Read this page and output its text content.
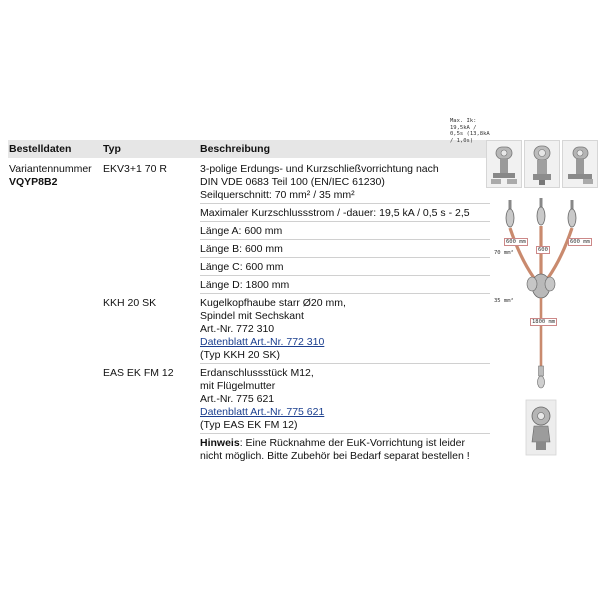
Bestelldaten	Typ	Beschreibung
Variantennummer
VQYP8B2
EKV3+1 70 R	3-polige Erdungs- und Kurzschließvorrichtung nach
DIN VDE 0683 Teil 100 (EN/IEC 61230)
Seilquerschnitt: 70 mm² / 35 mm²
Maximaler Kurzschlussstrom / -dauer: 19,5 kA / 0,5 s - 2,5
Länge A: 600 mm
Länge B: 600 mm
Länge C: 600 mm
Länge D: 1800 mm
KKH 20 SK	Kugelkopfhaube starr Ø20 mm,
Spindel mit Sechskant
Art.-Nr. 772 310
Datenblatt Art.-Nr. 772 310
(Typ KKH 20 SK)
EAS EK FM 12	Erdanschlussstück M12,
mit Flügelmutter
Art.-Nr. 775 621
Datenblatt Art.-Nr. 775 621
(Typ EAS EK FM 12)
Hinweis: Eine Rücknahme der EuK-Vorrichtung ist leider
nicht möglich. Bitte Zubehör bei Bedarf separat bestellen !
600 mm
600
600 mm
70 mm²
35 mm²
1800 mm
Max. Ik:
19,5kA /
0,5s (13,8kA
/ 1,0s)
